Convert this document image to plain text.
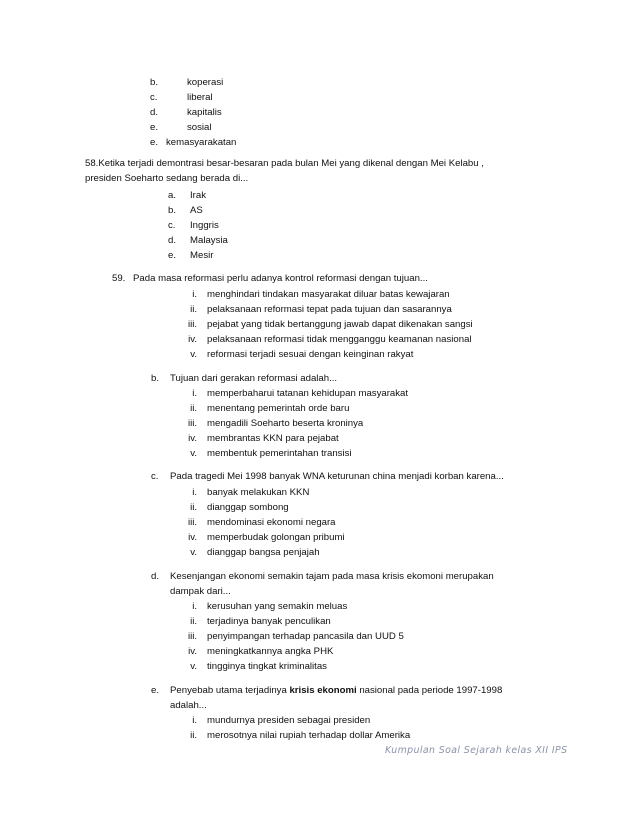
b.	koperasi
c.	liberal
d.	kapitalis
e.	sosial
e. kemasyarakatan
58.Ketika terjadi demontrasi besar-besaran pada bulan Mei yang dikenal dengan Mei Kelabu ,
presiden Soeharto sedang berada di...
a.	Irak
b.	AS
c.	Inggris
d.	Malaysia
e.	Mesir
59. Pada masa reformasi perlu adanya kontrol reformasi dengan tujuan...
i. menghindari tindakan masyarakat diluar batas kewajaran
ii. pelaksanaan reformasi tepat pada tujuan dan sasarannya
iii. pejabat yang tidak bertanggung jawab dapat dikenakan sangsi
iv. pelaksanaan reformasi tidak mengganggu keamanan nasional
v. reformasi terjadi sesuai dengan keinginan rakyat
b. Tujuan dari gerakan reformasi adalah...
i. memperbaharui tatanan kehidupan masyarakat
ii. menentang pemerintah orde baru
iii. mengadili Soeharto beserta kroninya
iv. membrantas KKN para pejabat
v. membentuk pemerintahan transisi
c. Pada tragedi Mei 1998 banyak WNA keturunan china menjadi korban karena...
i. banyak melakukan KKN
ii. dianggap sombong
iii. mendominasi ekonomi negara
iv. memperbudak golongan pribumi
v. dianggap bangsa penjajah
d. Kesenjangan ekonomi semakin tajam pada masa krisis ekomoni merupakan
dampak dari...
i. kerusuhan yang semakin meluas
ii. terjadinya banyak penculikan
iii. penyimpangan terhadap pancasila dan UUD 5
iv. meningkatkannya angka PHK
v. tingginya tingkat kriminalitas
e. Penyebab utama terjadinya krisis ekonomi nasional pada periode 1997-1998
adalah...
i. mundurnya presiden sebagai presiden
ii. merosotnya nilai rupiah terhadap dollar Amerika
Kumpulan Soal Sejarah kelas XII IPS
